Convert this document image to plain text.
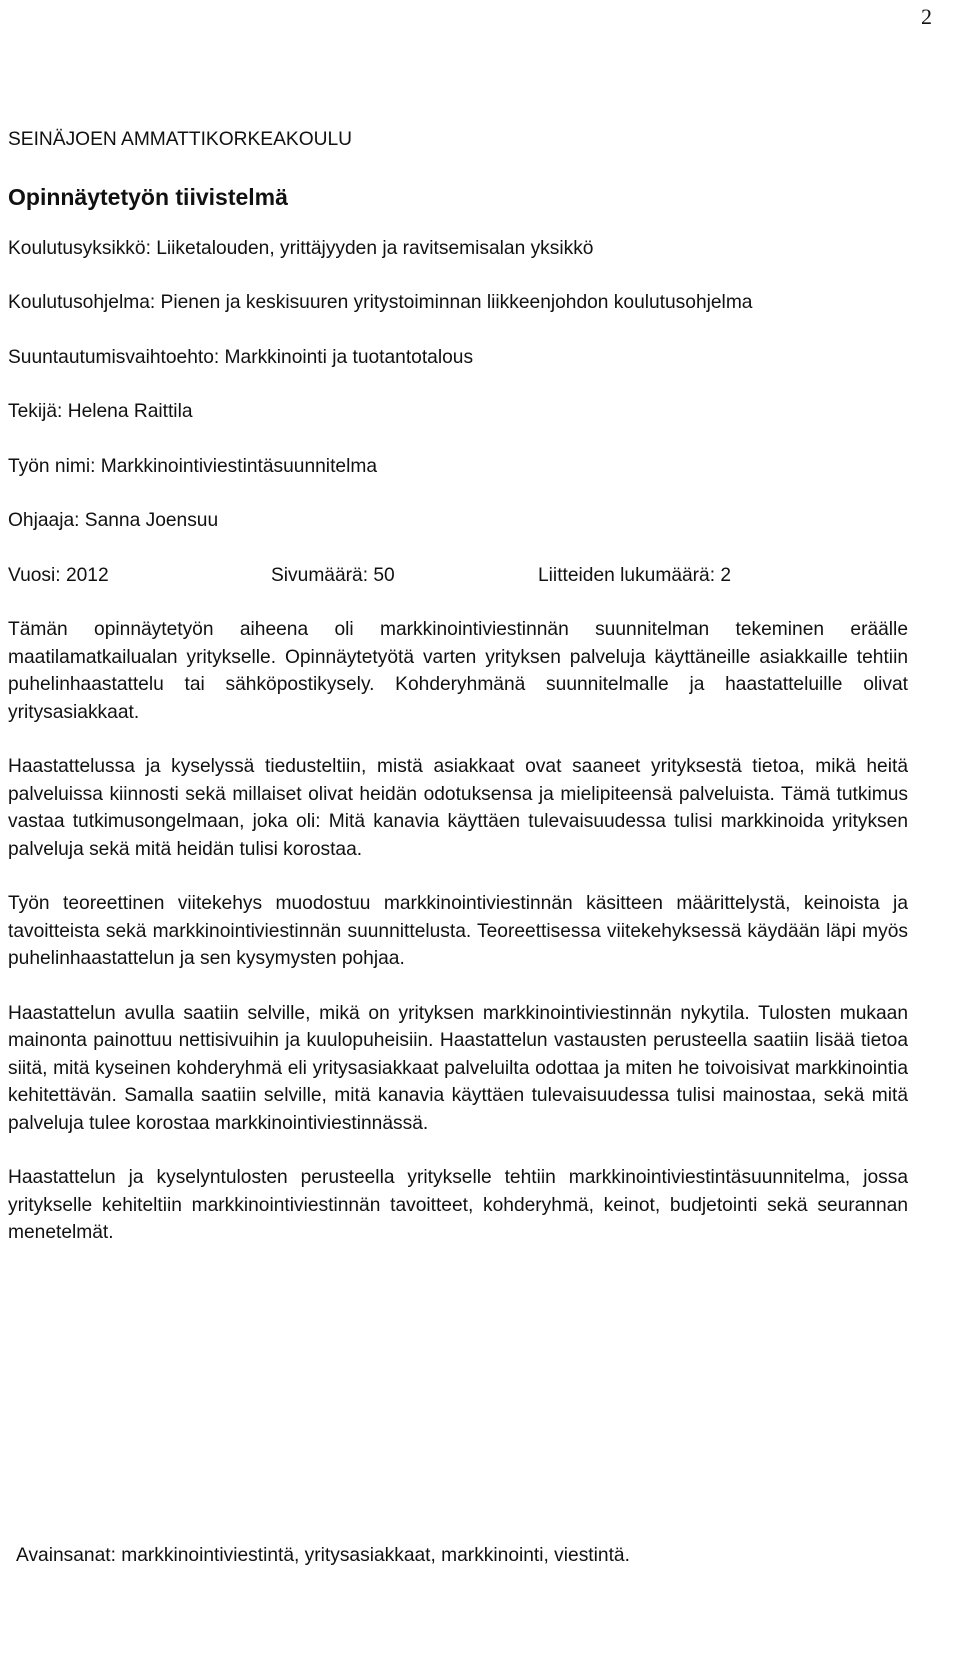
2

SEINÄJOEN AMMATTIKORKEAKOULU

Opinnäytetyön tiivistelmä

Koulutusyksikkö: Liiketalouden, yrittäjyyden ja ravitsemisalan yksikkö

Koulutusohjelma: Pienen ja keskisuuren yritystoiminnan liikkeenjohdon koulutusohjelma

Suuntautumisvaihtoehto: Markkinointi ja tuotantotalous

Tekijä: Helena Raittila

Työn nimi: Markkinointiviestintäsuunnitelma

Ohjaaja: Sanna Joensuu

Vuosi: 2012	Sivumäärä: 50	Liitteiden lukumäärä: 2

Tämän opinnäytetyön aiheena oli markkinointiviestinnän suunnitelman tekeminen eräälle maatilamatkailualan yritykselle. Opinnäytetyötä varten yrityksen palveluja käyttäneille asiakkaille tehtiin puhelinhaastattelu tai sähköpostikysely. Kohderyhmänä suunnitelmalle ja haastatteluille olivat yritysasiakkaat.

Haastattelussa ja kyselyssä tiedusteltiin, mistä asiakkaat ovat saaneet yrityksestä tietoa, mikä heitä palveluissa kiinnosti sekä millaiset olivat heidän odotuksensa ja mielipiteensä palveluista. Tämä tutkimus vastaa tutkimusongelmaan, joka oli: Mitä kanavia käyttäen tulevaisuudessa tulisi markkinoida yrityksen palveluja sekä mitä heidän tulisi korostaa.

Työn teoreettinen viitekehys muodostuu markkinointiviestinnän käsitteen määrittelystä, keinoista ja tavoitteista sekä markkinointiviestinnän suunnittelusta. Teoreettisessa viitekehyksessä käydään läpi myös puhelinhaastattelun ja sen kysymysten pohjaa.

Haastattelun avulla saatiin selville, mikä on yrityksen markkinointiviestinnän nykytila. Tulosten mukaan mainonta painottuu nettisivuihin ja kuulopuheisiin. Haastattelun vastausten perusteella saatiin lisää tietoa siitä, mitä kyseinen kohderyhmä eli yritysasiakkaat palveluilta odottaa ja miten he toivoisivat markkinointia kehitettävän. Samalla saatiin selville, mitä kanavia käyttäen tulevaisuudessa tulisi mainostaa, sekä mitä palveluja tulee korostaa markkinointiviestinnässä.

Haastattelun ja kyselyntulosten perusteella yritykselle tehtiin markkinointiviestintäsuunnitelma, jossa yritykselle kehiteltiin markkinointiviestinnän tavoitteet, kohderyhmä, keinot, budjetointi sekä seurannan menetelmät.

Avainsanat: markkinointiviestintä, yritysasiakkaat, markkinointi, viestintä.
